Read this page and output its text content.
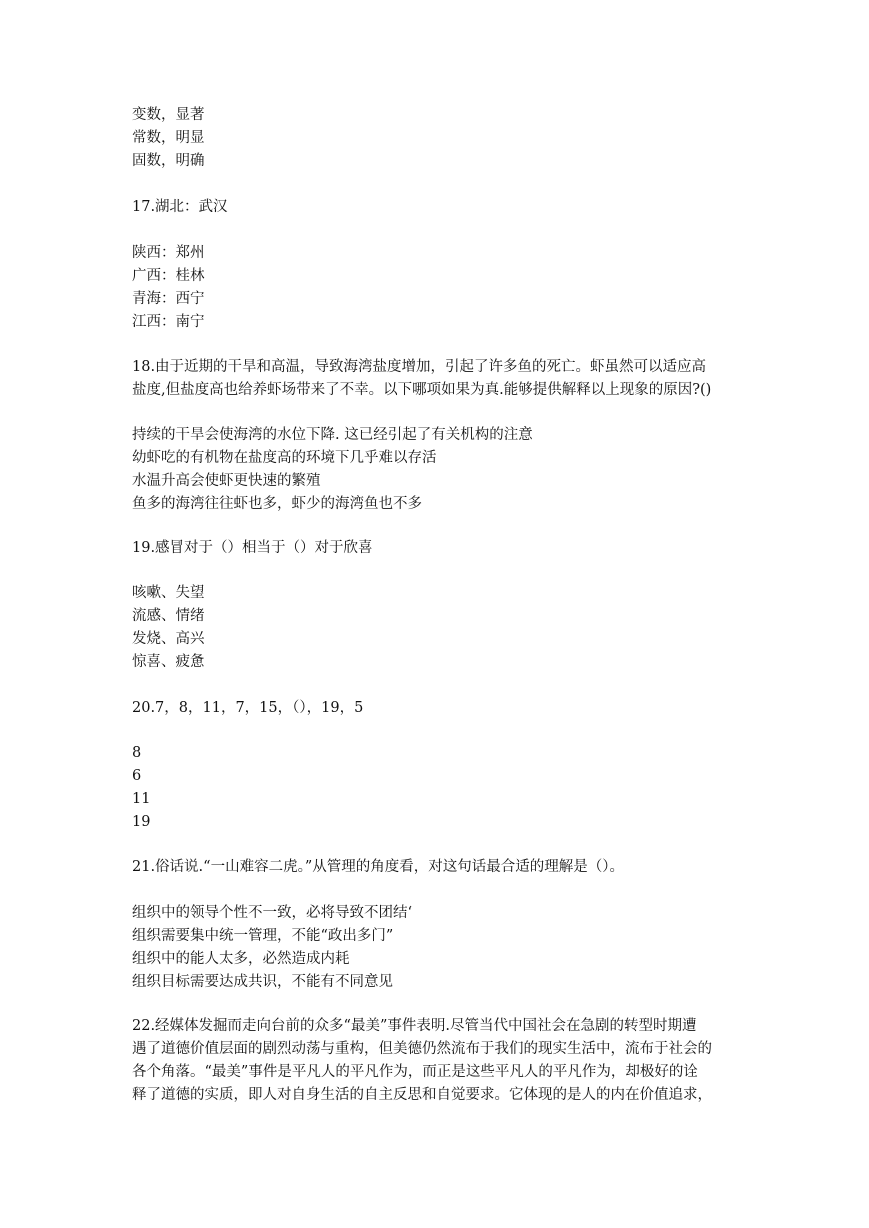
变数，显著
常数，明显
固数，明确
17.湖北：武汉
陕西：郑州
广西：桂林
青海：西宁
江西：南宁
18.由于近期的干旱和高温，导致海湾盐度增加，引起了许多鱼的死亡。虾虽然可以适应高
盐度,但盐度高也给养虾场带来了不幸。以下哪项如果为真.能够提供解释以上现象的原因?()
持续的干旱会使海湾的水位下降. 这已经引起了有关机构的注意
幼虾吃的有机物在盐度高的环境下几乎难以存活
水温升高会使虾更快速的繁殖
鱼多的海湾往往虾也多，虾少的海湾鱼也不多
19.感冒对于（）相当于（）对于欣喜
咳嗽、失望
流感、情绪
发烧、高兴
惊喜、疲惫
20.7，8，11，7，15，（），19，5
8
6
11
19
21.俗话说.“一山难容二虎。”从管理的角度看，对这句话最合适的理解是（）。
组织中的领导个性不一致，必将导致不团结‘
组织需要集中统一管理，不能“政出多门”
组织中的能人太多，必然造成内耗
组织目标需要达成共识，不能有不同意见
22.经媒体发掘而走向台前的众多“最美”事件表明.尽管当代中国社会在急剧的转型时期遭
遇了道德价值层面的剧烈动荡与重构，但美德仍然流布于我们的现实生活中，流布于社会的
各个角落。“最美”事件是平凡人的平凡作为，而正是这些平凡人的平凡作为，却极好的诠
释了道德的实质，即人对自身生活的自主反思和自觉要求。它体现的是人的内在价值追求，
